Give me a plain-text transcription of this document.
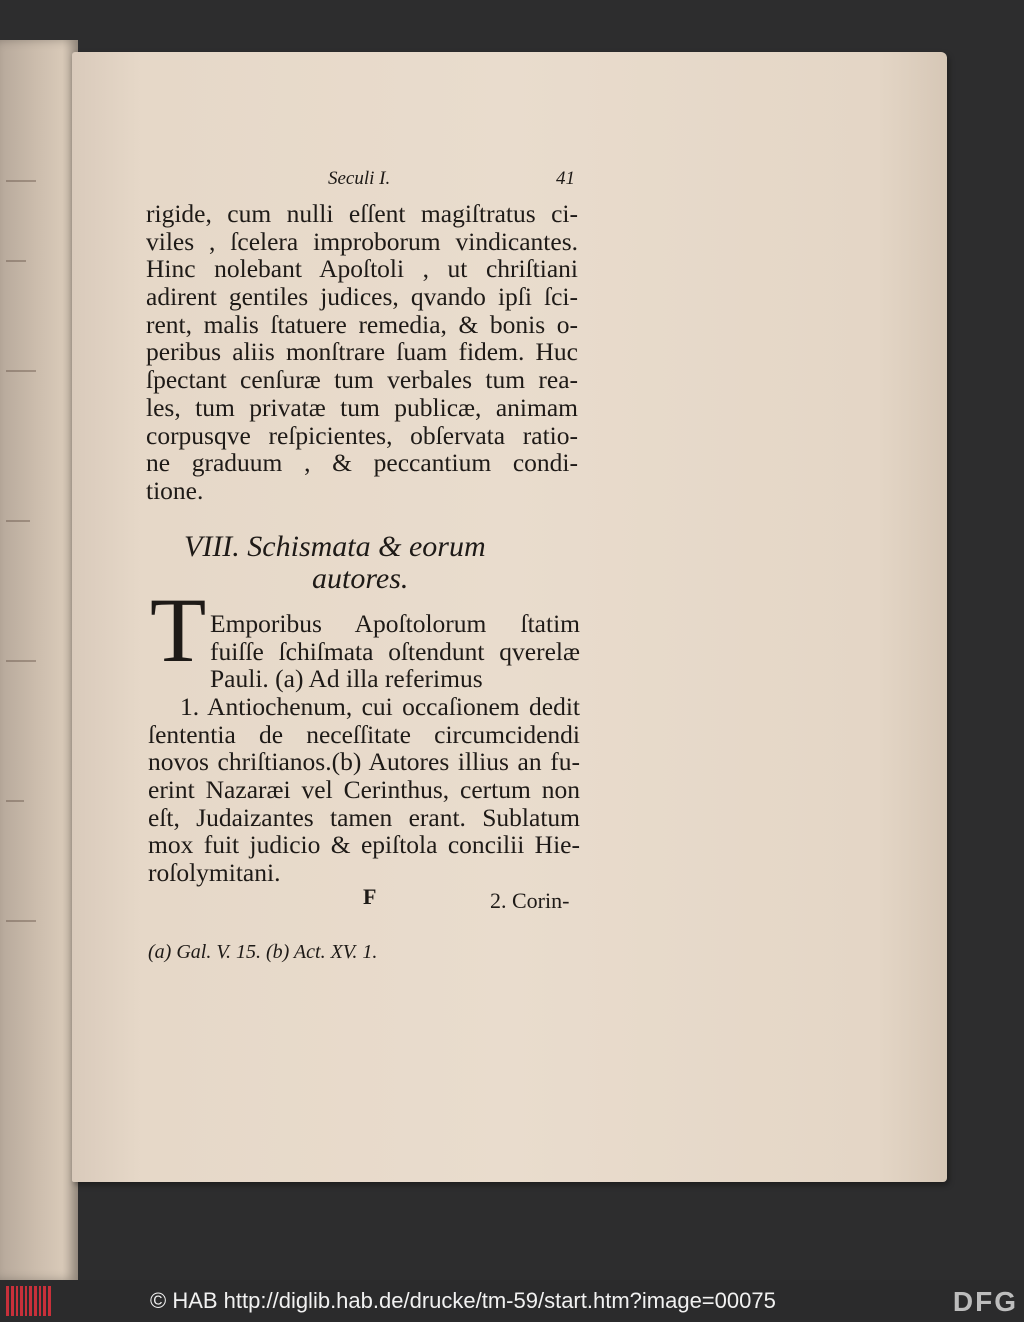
Seculi I.	41
rigide, cum nulli eſſent magiſtratus ci-
viles , ſcelera improborum vindicantes.
Hinc nolebant Apoſtoli , ut chriſtiani
adirent gentiles judices, qvando ipſi ſci-
rent, malis ſtatuere remedia, & bonis o-
peribus aliis monſtrare ſuam fidem. Huc
ſpectant cenſuræ tum verbales tum rea-
les, tum privatæ tum publicæ, animam
corpusqve reſpicientes, obſervata ratio-
ne graduum , & peccantium condi-
tione.
VIII. Schismata & eorum
autores.
T Emporibus Apoſtolorum ſtatim
fuiſſe ſchiſmata oſtendunt qverelæ
Pauli. (a) Ad illa referimus
1. Antiochenum, cui occaſionem dedit
ſententia de neceſſitate circumcidendi
novos chriſtianos.(b) Autores illius an fu-
erint Nazaræi vel Cerinthus, certum non
eſt, Judaizantes tamen erant. Sublatum
mox fuit judicio & epiſtola concilii Hie-
roſolymitani.
F	2. Corin-
(a) Gal. V. 15. (b) Act. XV. 1.
© HAB http://diglib.hab.de/drucke/tm-59/start.htm?image=00075	DFG
